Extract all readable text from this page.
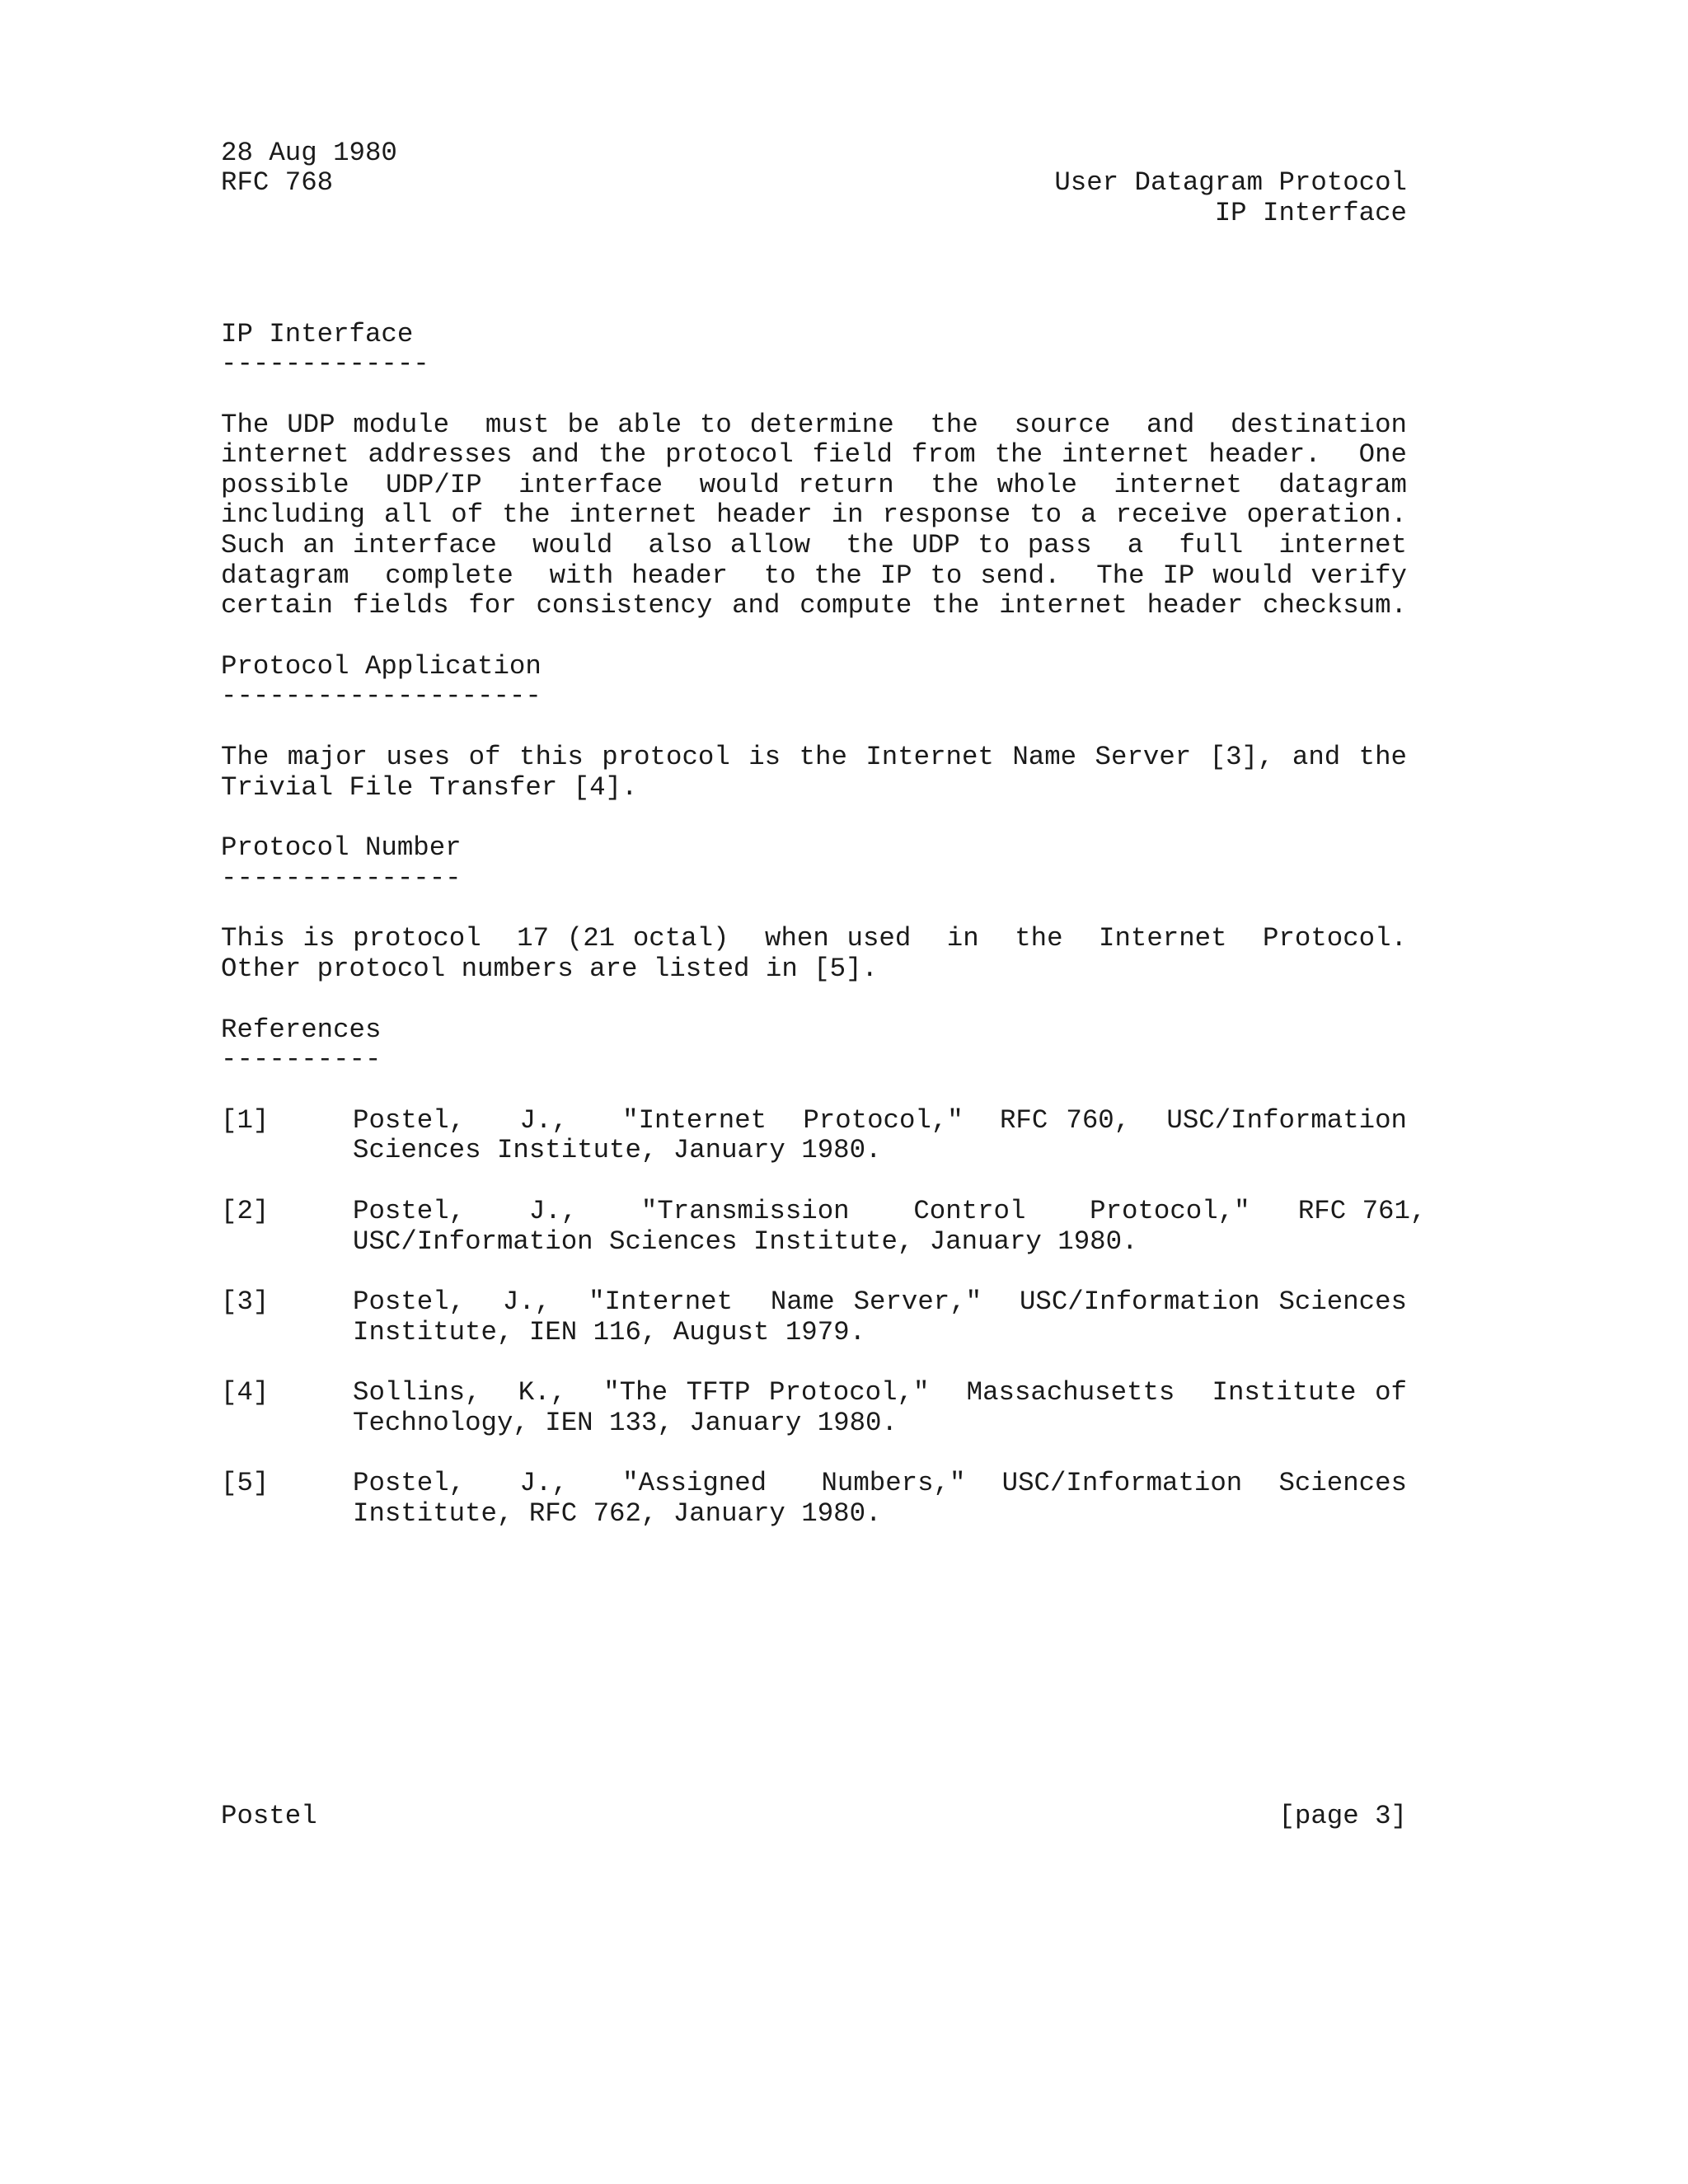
28 Aug 1980
RFC 768	User Datagram Protocol
IP Interface
IP Interface
-------------
The UDP module  must be able to determine  the  source  and  destination
internet addresses and the protocol field from the internet header.  One
possible  UDP/IP  interface  would return  the whole  internet  datagram
including all of the internet header in response to a receive operation.
Such an interface  would  also allow  the UDP to pass  a  full  internet
datagram  complete  with header  to the IP to send.  The IP would verify
certain fields for consistency and compute the internet header checksum.
Protocol Application
--------------------
The major uses of this protocol is the Internet Name Server [3], and the
Trivial File Transfer [4].
Protocol Number
---------------
This is protocol  17 (21 octal)  when used  in  the  Internet  Protocol.
Other protocol numbers are listed in [5].
References
----------
[1]	Postel,   J.,   "Internet  Protocol,"  RFC 760,  USC/Information
Sciences Institute, January 1980.
[2]	Postel,    J.,    "Transmission    Control    Protocol,"   RFC 761,
USC/Information Sciences Institute, January 1980.
[3]	Postel,  J.,  "Internet  Name Server,"  USC/Information Sciences
Institute, IEN 116, August 1979.
[4]	Sollins,  K.,  "The TFTP Protocol,"  Massachusetts  Institute of
Technology, IEN 133, January 1980.
[5]	Postel,   J.,   "Assigned   Numbers,"  USC/Information  Sciences
Institute, RFC 762, January 1980.
Postel	[page 3]
